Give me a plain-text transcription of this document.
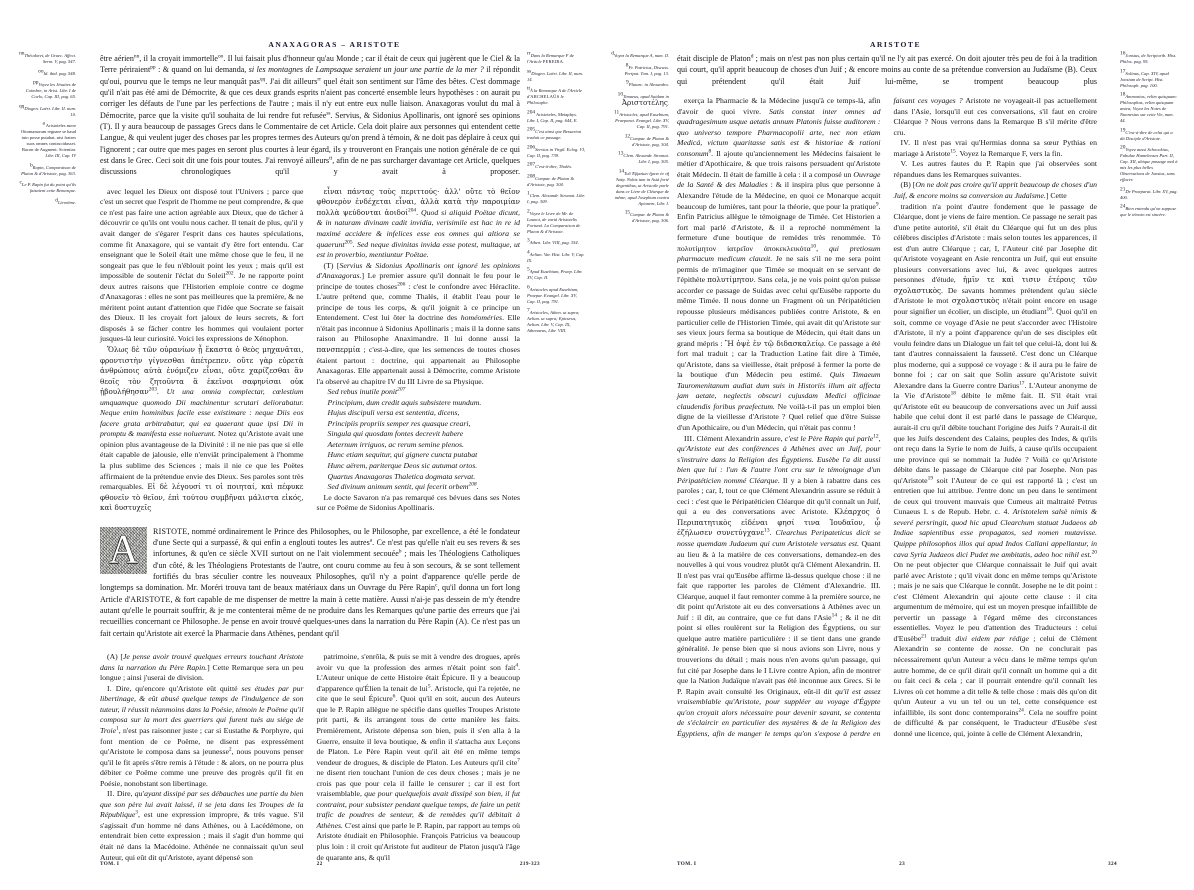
ANAXAGORAS – ARISTOTE
$^{nn}$Théodoret, de Graec. Affect. Serm. V, pag. 547.
$^{oo}$Id. ibid. pag. 548.
$^{pp}$Voyez les Jésuites de Coimbre, in Arist. Libr. I de Coelo, Cap. III, pag. 65.
$^{qq}$Diogen. Laërt. Libr. II. num. 10.
$^a$ Aristoteles more Ottomanorum regnare se haud tuto posse putabat, nisi fratres suos omnes contrucidasset. Bacon de Augment. Scientiar. Libr. III, Cap. IV
$^b$Rapin, Comparaison de Platon & d'Aristote, pag. 363.
$^c$Le P. Rapin fut du point qu'ils faisaient cette Remarque.
$^d$Là-même.
$^{rr}$Dans la Remarque F de l'Article PEREIRA.
$^{ss}$Diogen. Laërt. Libr. II, num. 14.
$^{tt}$À la Remarque A de l'Article d'ARCHELAÜS le Philosophe.
$^{204}$ Aristoteles, Metaphys. Libr. I, Cap. II, pag. 644, E.
$^{205}$C'est ainsi que Bessarion traduit ce passage.
$^{206}$Servius in Virgil. Eclog. VI, Cap. II, pag. 739.
$^{207}$C'est-à-dire, Thalès.
$^{208}$Compar. de Platon & d'Aristote, pag. 304.
$^1$Clem. Alexandr. Stromat. Libr. I, pag. 309.
$^2$Voyez le Livre de Mr. de Launoi, de variá Aristotelis Fortuná. La Comparaison de Platon & d'Aristote.
$^3$Athen. Libr. VIII, pag. 354.
$^4$Aelian. Var. Hist. Libr. V, Cap. IX.
$^5$Apud Eusebium, Praep. Libr. XV, Cap. II.
$^6$Aristocles apud Eusebium, Praepar. Evangel. Libr. XV, Cap. II, pag. 791.
$^7$Aristocles, Athen. ut supra; Aelian. ut supra; Epicurus, Aelian. Libr. V, Cap. IX, Athenaeus, Libr. VIII.

être aérien$^{nn}$, il la croyait immortelle$^{oo}$. Il lui faisait plus d'honneur qu'au Monde ; car il était de ceux qui jugèrent que le Ciel & la Terre périraient$^{pp}$ : & quand on lui demanda, si les montagnes de Lampsaque seraient un jour une partie de la mer ? il répondit qu'oui, pourvu que le temps ne leur manquât pas$^{qq}$. J'ai dit ailleurs$^{rr}$ quel était son sentiment sur l'âme des bêtes. C'est dommage qu'il n'ait pas été ami de Démocrite, & que ces deux grands esprits n'aient pas concerté ensemble leurs hypothèses : on aurait pu corriger les défauts de l'une par les perfections de l'autre ; mais il n'y eut entre eux nulle liaison. Anaxagoras voulut du mal à Démocrite, parce que la visite qu'il souhaita de lui rendre fut refusée$^{ss}$. Servius, & Sidonius Apollinaris, ont ignoré ses opinions (T). Il y aura beaucoup de passages Grecs dans le Commentaire de cet Article. Cela doit plaire aux personnes qui entendent cette Langue, & qui veulent juger des choses par les propres termes des Auteurs qu'on prend à témoin, & ne doit pas déplaire à ceux qui l'ignorent ; car outre que mes pages en seront plus courtes à leur égard, ils y trouveront en Français une notion générale de ce qui est dans le Grec. Ceci soit dit une fois pour toutes. J'ai renvoyé ailleurs$^{tt}$, afin de ne pas surcharger davantage cet Article, quelques discussions chronologiques qu'il y avait à proposer.

avec lequel les Dieux ont disposé tout l'Univers ; parce que c'est un secret que l'esprit de l'homme ne peut comprendre, & que ce n'est pas faire une action agréable aux Dieux, que de tâcher à découvrir ce qu'ils ont voulu nous cacher. Il tenait de plus, qu'il y avait danger de s'égarer l'esprit dans ces hautes spéculations, comme fit Anaxagore, qui se vantait d'y être fort entendu. Car enseignant que le Soleil était une même chose que le feu, il ne songeait pas que le feu n'éblouit point les yeux ; mais qu'il est impossible de soutenir l'éclat du Soleil$^{202}$. Je ne rapporte point deux autres raisons que l'Historien emploie contre ce dogme d'Anaxagoras : elles ne sont pas meilleures que la première, & ne méritent point autant d'attention que l'idée que Socrate se faisait des Dieux. Il les croyait fort jaloux de leurs secrets, & fort disposés à se fâcher contre les hommes qui voulaient porter jusques-là leur curiosité. Voici les expressions de Xénophon.

Ὅλως δὲ τῶν οὐρανίων ᾗ ἕκαστα ὁ θεὸς μηχανᾶται, φροντιστὴν γίγνεσθαι ἀπέτρεπεν. οὔτε γὰρ εὑρετὰ ἀνθρώποις αὐτὰ ἐνόμιζεν εἶναι, οὔτε χαρίζεσθαι ἂν θεοῖς τὸν ζητοῦντα ἃ ἐκεῖνοι σαφηνίσαι οὐκ ᾐβουλήθησαν$^{203}$. Ut una omnia complectar, cœlestium umquamque quomodo Dii machinentur scrutari deliorabatur. Neque enim hominibus facile esse existimare : neque Diis eos facere grata arbitrabatur, qui ea quaerant quae ipsi Dii in promptu & manifesta esse noluerunt. Notez qu'Aristote avait une opinion plus avantageuse de la Divinité : il ne nie pas que si elle était capable de jalousie, elle n'enviât principalement à l'homme la plus sublime des Sciences ; mais il nie ce que les Poëtes affirmaient de la prétendue envie des Dieux. Ses paroles sont très remarquables. Εἰ δὲ λέγουσί τι οἱ ποιηταί, καὶ πέφυκε φθονεῖν τὸ θεῖον, ἐπὶ τούτου συμβῆναι μάλιστα εἰκός, καὶ δυστυχεῖς

εἶναι πάντας τοὺς περιττούς· ἀλλ' οὔτε τὸ θεῖον φθονερὸν ἐνδέχεται εἶναι, ἀλλὰ κατὰ τὴν παροιμίαν πολλὰ ψεύδονται ἀοιδοί$^{204}$. Quod si aliquid Poëtae dicunt, & in naturam divinam cadit invidia, verisimile est hac in re id maximé accidere & infelices esse eos omnes qui altiora se quaerunt$^{205}$. Sed neque divinitas invida esse potest, multaque, ut est in proverbio, mentiuntur Poëtae.

(T) [Servius & Sidonius Apollinaris ont ignoré les opinions d'Anaxagoras.] Le premier assure qu'il donnait le feu pour le principe de toutes choses$^{206}$ : c'est le confondre avec Héraclite. L'autre prétend que, comme Thalès, il établit l'eau pour le principe de tous les corps, & qu'il joignit à ce principe un Entendement. C'est lui ôter la doctrine des homéoméries. Elle n'était pas inconnue à Sidonius Apollinaris ; mais il la donne sans raison au Philosophe Anaximandre. Il lui donne aussi la πανσπερμία ; c'est-à-dire, que les semences de toutes choses étaient partout : doctrine, qui appartenait au Philosophe Anaxagoras. Elle appartenait aussi à Démocrite, comme Aristote l'a observé au chapitre IV du III Livre de sa Physique.

Sed rebus inutile ponit$^{207}$
Principium, dum credit aquis subsistere mundum.
Hujus discipuli versa est sententia, dicens,
Principiis propriis semper res quasque creari,
Singula qui quosdam fontes decrevit habere
Aeternum irriguos, ac rerum semine plenos.
Hunc etiam sequitur, qui gignere cuncta putabat
Hunc aërem, pariterque Deos sic autumat ortos.
Quartus Anaxagoras Thaletica dogmata servat.
Sed divinum animum sentit, qui fecerit orbem$^{208}$.

Le docte Savaron n'a pas remarqué ces bévues dans ses Notes sur ce Poëme de Sidonius Apollinaris.

A	RISTOTE, nommé ordinairement le Prince des Philosophes, ou le Philosophe, par excellence, a été le fondateur d'une Secte qui a surpassé, & qui enfin a englouti toutes les autres$^a$. Ce n'est pas qu'elle n'ait eu ses revers & ses infortunes, & qu'en ce siècle XVII surtout on ne l'ait violemment secouée$^b$ ; mais les Théologiens Catholiques d'un côté, & les Théologiens Protestants de l'autre, ont couru comme au feu à son secours, & se sont tellement fortifiés du bras séculier contre les nouveaux Philosophes, qu'il n'y a point d'apparence qu'elle perde de longtemps sa domination. Mr. Moréri trouva tant de beaux matériaux dans un Ouvrage du Père Rapin$^c$, qu'il donna un fort long Article d'ARISTOTE, & fort capable de me dispenser de mettre la main à cette matière. Aussi n'ai-je pas dessein de m'y étendre autant qu'elle le pourrait souffrir, & je me contenterai même de ne produire dans les Remarques qu'une partie des erreurs que j'ai recueillies concernant ce Philosophe. Je pense en avoir trouvé quelques-unes dans la narration du Père Rapin (A). Ce n'est pas un fait certain qu'Aristote ait exercé la Pharmacie dans Athènes, pendant qu'il

(A) [Je pense avoir trouvé quelques erreurs touchant Aristote dans la narration du Père Rapin.] Cette Remarque sera un peu longue ; ainsi j'userai de division.

I. Dire, qu'encore qu'Aristote eût quitté ses études par pur libertinage, & eût abusé quelque temps de l'indulgence de son tuteur, il réussit néanmoins dans la Poésie, témoin le Poëme qu'il composa sur la mort des guerriers qui furent tués au siége de Troie$^1$, n'est pas raisonner juste ; car si Eustathe & Porphyre, qui font mention de ce Poëme, ne disent pas expressément qu'Aristote le composa dans sa jeunesse$^2$, nous pouvons penser qu'il le fit après s'être remis à l'étude : & alors, on ne pourra plus débiter ce Poëme comme une preuve des progrès qu'il fit en Poésie, nonobstant son libertinage.

II. Dire, qu'ayant dissipé par ses débauches une partie du bien que son père lui avait laissé, il se jeta dans les Troupes de la République$^3$, est une expression impropre, & très vague. S'il s'agissait d'un homme né dans Athènes, ou à Lacédémone, on entendrait bien cette expression ; mais il s'agit d'un homme qui était né dans la Macédoine. Athénée ne connaissait qu'un seul Auteur, qui eût dit qu'Aristote, ayant dépensé son

patrimoine, s'enrôla, & puis se mit à vendre des drogues, après avoir vu que la profession des armes n'était point son fait$^4$. L'Auteur unique de cette Histoire était Épicure. Il y a beaucoup d'apparence qu'Élien la tenait de lui$^5$. Aristocle, qui l'a rejetée, ne cite que le seul Épicure$^6$. Quoi qu'il en soit, aucun des Auteurs que le P. Rapin allègue ne spécifie dans quelles Troupes Aristote prit parti, & ils arrangent tous de cette manière les faits. Premièrement, Aristote dépensa son bien, puis il s'en alla à la Guerre, ensuite il leva boutique, & enfin il s'attacha aux Leçons de Platon. Le Père Rapin veut qu'il ait été en même temps vendeur de drogues, & disciple de Platon. Les Auteurs qu'il cite$^7$ ne disent rien touchant l'union de ces deux choses ; mais je ne crois pas que pour cela il faille le censurer ; car il est fort vraisemblable, que pour quelquefois avait dissipé son bien, il fut contraint, pour subsister pendant quelque temps, de faire un petit trafic de poudres de senteur, & de remèdes qu'il débitait à Athènes. C'est ainsi que parle le P. Rapin, par rapport au temps où Aristote étudiait en Philosophie. François Patricius va beaucoup plus loin : il croit qu'Aristote fut auditeur de Platon jusqu'à l'âge de quarante ans, & qu'il

TOM. I	22	219-323
ARISTOTE
$^d$Voyez la Remarque A, num. II.
$^8$Fr. Patricius, Discuss. Peripat. Tom. I, pag. 13.
$^9$Plutarc. in Alexandro.
$^{10}$Timaeus, apud Suidam in Ἀριστοτέλης.
$^{11}$Aristocles, apud Eusebium, Praeparat. Evangel. Libr. XV, Cap. II, pag. 791.
$^{12}$Compar. de Platon & d'Aristote, pag. 304.
$^{13}$Clem. Alexandr. Stromat. Libr. I, pag. 305.
$^{14}$Τοῦ Ἑβραίων ἤμειν ἐν τῇ Ἀσίᾳ. Nobis tum in Asiá forté degentibus, ut Aristotle parle dans ce Livre de Cléarque de même, apud Josephum contra Apionem, Libr. I.
$^{15}$Compar. de Platon & d'Aristote, pag. 306.
$^{16}$Jonsius, de Scriptorib. Hist. Philos. pag. 95.
$^{17}$Solinus, Cap. XIV, apud Jonsium de Script. Hist. Philosoph. pag. 100.
$^{18}$Ammonius, velim quisquam: Philosophus, velim quisquam antea; Voyez les Notes de Nunnesius sur cette Vie, num. 44.
$^{19}$C'est-à-dire de celui qui a dit Disciple d'Aristote.
$^{20}$Voyez aussi Schoockius, Fabulae Hamelenses Part. II, Cap. XII, ubique passage mal à mis les plus belles Observations de Jonsius, sans effacer.
$^{21}$De Praeparat. Libr. XV, pag. 400.
$^{24}$Bien entendu qu'on suppose que le témoin est sincère.

était disciple de Platon$^d$ ; mais on n'est pas non plus certain qu'il ne l'y ait pas exercé. On doit ajouter très peu de foi à la tradition qui court, qu'il apprit beaucoup de choses d'un Juif ; & encore moins au conte de sa prétendue conversion au Judaïsme (B). Ceux qui prétendent qu'il était Juif lui-même, se trompent beaucoup plus

exerça la Pharmacie & la Médecine jusqu'à ce temps-là, afin d'avoir de quoi vivre. Satis constat inter omnes ad quadragesimum usque aetatis annum Platonis fuisse auditorem : quo universo tempore Pharmacopolii arte, nec non etiam Medicá, victum quaritasse satis est & historiae & rationi consonum$^8$. Il ajoute qu'anciennement les Médecins faisaient le métier d'Apothicaire, & que trois raisons persuadent qu'Aristote était Médecin. Il était de famille à cela : il a composé un Ouvrage de la Santé & des Maladies : & il inspira plus que personne à Alexandre l'étude de la Médecine, en quoi ce Monarque acquit beaucoup de lumières, tant pour la théorie, que pour la pratique$^9$. Enfin Patricius allègue le témoignage de Timée. Cet Historien a fort mal parlé d'Aristote, & il a reproché nommément la fermeture d'une boutique de remèdes très renommée. Τὸ πολυτίμητον ἰατρεῖον ἀποκεκλεικότα$^{10}$, qui pretiosum pharmacum medicum clauxit. Je ne sais s'il ne me sera point permis de m'imaginer que Timée se moquait en se servant de l'épithète πολυτίμητον. Sans cela, je ne vois point qu'on puisse accorder ce passage de Suidas avec celui qu'Eusèbe rapporte du même Timée. Il nous donne un Fragment où un Péripatéticien repousse plusieurs médisances publiées contre Aristote, & en particulier celle de l'Historien Timée, qui avait dit qu'Aristote sur ses vieux jours ferma sa boutique de Médecin, qui était dans un grand mépris : Ἢ ὀψὲ ἐν τῷ διδασκαλείῳ. Ce passage a été fort mal traduit ; car la Traduction Latine fait dire à Timée, qu'Aristote, dans sa vieillesse, était préposé à fermer la porte de la boutique d'un Médecin peu estimé. Quis Timaeum Tauromenitanum audiat dum suis in Historiis illum ait affecta jam aetate, neglectis obscuri cujusdam Medici officinae claudendis foribus praefectum. Ne voilà-t-il pas un emploi bien digne de la vieillesse d'Aristote ? Quel relief que d'être Suisse d'un Apothicaire, ou d'un Médecin, qui n'était pas connu !

III. Clément Alexandrin assure, c'est le Père Rapin qui parle$^{12}$, qu'Aristote eut des conférences à Athènes avec un Juif, pour s'instruire dans la Religion des Égyptiens. Eusèbe l'a dit aussi bien que lui : l'un & l'autre l'ont cru sur le témoignage d'un Péripatéticien nommé Cléarque. Il y a bien à rabattre dans ces paroles ; car, I, tout ce que Clément Alexandrin assure se réduit à ceci : c'est que le Péripatéticien Cléarque dit qu'il connaît un Juif, qui a eu des conversations avec Aristote. Κλέαρχος ὁ Περιπατητικὸς εἰδέναι φησί τινα Ἰουδαῖον, ᾧ ἐζήλωσεν συνετύγχανε$^{13}$. Clearchus Peripateticus dicit se nosse quemdam Judaeum qui cum Aristotele versatus est. Quant au lieu & à la matière de ces conversations, demandez-en des nouvelles à qui vous voudrez plutôt qu'à Clément Alexandrin. II. Il n'est pas vrai qu'Eusèbe affirme là-dessus quelque chose : il ne fait que rapporter les paroles de Clément d'Alexandrie. III. Cléarque, auquel il faut remonter comme à la première source, ne dit point qu'Aristote ait eu des conversations à Athènes avec un Juif : il dit, au contraire, que ce fut dans l'Asie$^{14}$ ; & il ne dit point si elles roulèrent sur la Religion des Égyptiens, ou sur quelque autre matière particulière : il se tient dans une grande généralité. Je pense bien que si nous avions son Livre, nous y trouverions du détail ; mais nous n'en avons qu'un passage, qui fut cité par Josephe dans le I Livre contre Apion, afin de montrer que la Nation Judaïque n'avait pas été inconnue aux Grecs. Si le P. Rapin avait consulté les Originaux, eût-il dit qu'il est assez vraisemblable qu'Aristote, pour suppléer au voyage d'Égypte qu'on croyait alors nécessaire pour devenir savant, se contenta de s'éclaircir en particulier des mystères & de la Religion des Égyptiens, afin de manger le temps qu'on s'expose à perdre en faisant ces voyages ? Aristote ne voyageait-il pas actuellement dans l'Asie, lorsqu'il eut ces conversations, s'il faut en croire Cléarque ? Nous verrons dans la Remarque B s'il mérite d'être cru.

IV. Il n'est pas vrai qu'Hermias donna sa sœur Pythias en mariage à Aristote$^{15}$. Voyez la Remarque F, vers la fin.

V. Les autres fautes du P. Rapin que j'ai observées sont répandues dans les Remarques suivantes.

(B) [On ne doit pas croire qu'il apprit beaucoup de choses d'un Juif, & encore moins sa conversion au Judaïsme.] Cette

tradition n'a point d'autre fondement que le passage de Cléarque, dont je viens de faire mention. Ce passage ne serait pas d'une petite autorité, s'il était du Cléarque qui fut un des plus célèbres disciples d'Aristote : mais selon toutes les apparences, il est d'un autre Cléarque ; car, I, l'Auteur cité par Josephe dit qu'Aristote voyageant en Asie rencontra un Juif, qui eut ensuite plusieurs conversations avec lui, & avec quelques autres personnes d'étude, ἡμῖν τε καὶ τισιν ἑτέροις τῶν σχολαστικὸς. De savants hommes prétendent qu'au siècle d'Aristote le mot σχολαστικὸς n'était point encore en usage pour signifier un écolier, un disciple, un étudiant$^{16}$. Quoi qu'il en soit, comme ce voyage d'Asie ne peut s'accorder avec l'Histoire d'Aristote, il n'y a point d'apparence qu'un de ses disciples eût voulu feindre dans un Dialogue un fait tel que celui-là, dont lui & tant d'autres connaissaient la fausseté. C'est donc un Cléarque plus moderne, qui a supposé ce voyage : & il aura pu le faire de bonne foi ; car on sait que Solin assure qu'Aristote suivit Alexandre dans la Guerre contre Darius$^{17}$. L'Auteur anonyme de la Vie d'Aristote$^{18}$ débite le même fait. II. S'il était vrai qu'Aristote eût eu beaucoup de conversations avec un Juif aussi habile que celui dont il est parlé dans le passage de Cléarque, aurait-il cru qu'il débite touchant l'origine des Juifs ? Aurait-il dit que les Juifs descendent des Calains, peuples des Indes, & qu'ils ont reçu dans la Syrie le nom de Juifs, à cause qu'ils occupaient une province qui se nommait la Judée ? Voilà ce qu'Aristote débite dans le passage de Cléarque cité par Josephe. Non pas qu'Aristote$^{19}$ soit l'Auteur de ce qui est rapporté là ; c'est un entretien que lui attribue. J'entre donc un peu dans le sentiment de ceux qui trouvent mauvais que Cumeus ait maltraité Petrus Cunaeus I. s de Repub. Hebr. c. 4. Aristotelem salsè nimis & severé persringit, quod hic apud Clearchum statuat Judaeos ab Indiae sapientibus esse propagatos, sed nomen mutavisse. Quippe philosophos illos qui apud Indos Callani appellantur, in cava Syria Judaeos dici Pudet me ambitatis, adeo hoc nihil est.$^{20}$ On ne peut objecter que Cléarque connaissait le Juif qui avait parlé avec Aristote ; qu'il vivait donc en même temps qu'Aristote ; mais je ne sais que Cléarque le connût. Josephe ne le dit point : c'est Clément Alexandrin qui ajoute cette clause : il cita argumentum de mémoire, qui est un moyen presque infaillible de pervertir un passage à l'égard même des circonstances essentielles. Voyez le peu d'attention des Traducteurs : celui d'Eusèbe$^{21}$ traduit dixi eidem par rédige ; celui de Clément Alexandrin se contente de nosse. On ne conclurait pas nécessairement qu'un Auteur a vécu dans le même temps qu'un autre homme, de ce qu'il dirait qu'il connaît un homme qui a dit ou fait ceci & cela ; car il pourrait entendre qu'il connaît les Livres où cet homme a dit telle & telle chose : mais dès qu'on dit qu'un Auteur a vu un tel ou un tel, cette conséquence est infaillible, ils sont donc contemporains$^{24}$. Cela ne souffre point de difficulté & par conséquent, le Traducteur d'Eusèbe s'est donné une licence, qui, jointe à celle de Clément Alexandrin,

TOM. I	23	324
